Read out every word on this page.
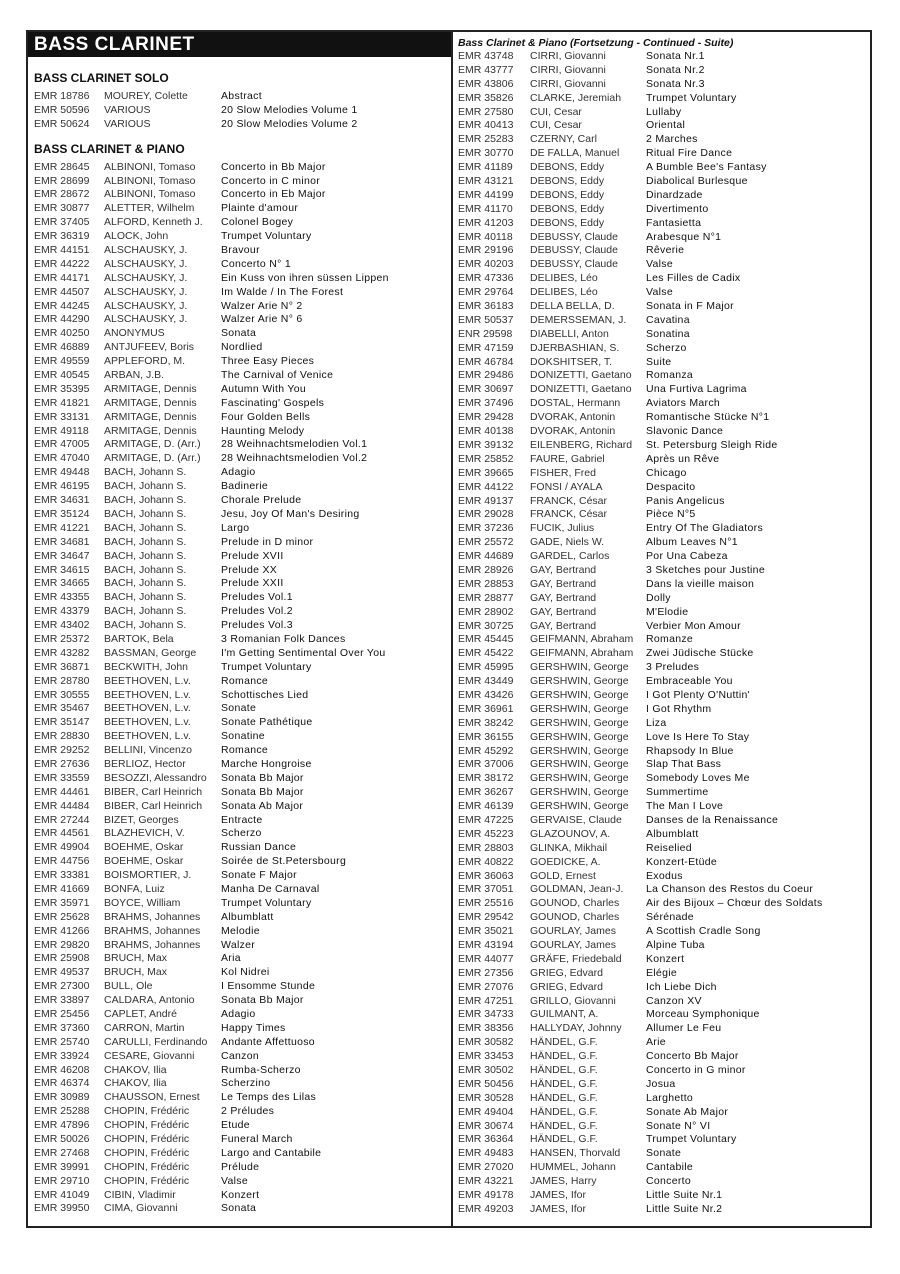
BASS CLARINET
BASS CLARINET SOLO
EMR 18786	MOUREY, Colette	Abstract
EMR 50596	VARIOUS	20 Slow Melodies Volume 1
EMR 50624	VARIOUS	20 Slow Melodies Volume 2
BASS CLARINET & PIANO
EMR 28645	ALBINONI, Tomaso	Concerto in Bb Major
EMR 28699	ALBINONI, Tomaso	Concerto in C minor
EMR 28672	ALBINONI, Tomaso	Concerto in Eb Major
EMR 30877	ALETTER, Wilhelm	Plainte d'amour
EMR 37405	ALFORD, Kenneth J.	Colonel Bogey
EMR 36319	ALOCK, John	Trumpet Voluntary
EMR 44151	ALSCHAUSKY, J.	Bravour
EMR 44222	ALSCHAUSKY, J.	Concerto N° 1
EMR 44171	ALSCHAUSKY, J.	Ein Kuss von ihren süssen Lippen
EMR 44507	ALSCHAUSKY, J.	Im Walde / In The Forest
EMR 44245	ALSCHAUSKY, J.	Walzer Arie N° 2
EMR 44290	ALSCHAUSKY, J.	Walzer Arie N° 6
EMR 40250	ANONYMUS	Sonata
EMR 46889	ANTJUFEEV, Boris	Nordlied
EMR 49559	APPLEFORD, M.	Three Easy Pieces
EMR 40545	ARBAN, J.B.	The Carnival of Venice
EMR 35395	ARMITAGE, Dennis	Autumn With You
EMR 41821	ARMITAGE, Dennis	Fascinating' Gospels
EMR 33131	ARMITAGE, Dennis	Four Golden Bells
EMR 49118	ARMITAGE, Dennis	Haunting Melody
EMR 47005	ARMITAGE, D. (Arr.)	28 Weihnachtsmelodien Vol.1
EMR 47040	ARMITAGE, D. (Arr.)	28 Weihnachtsmelodien Vol.2
EMR 49448	BACH, Johann S.	Adagio
EMR 46195	BACH, Johann S.	Badinerie
EMR 34631	BACH, Johann S.	Chorale Prelude
EMR 35124	BACH, Johann S.	Jesu, Joy Of Man's Desiring
EMR 41221	BACH, Johann S.	Largo
EMR 34681	BACH, Johann S.	Prelude in D minor
EMR 34647	BACH, Johann S.	Prelude XVII
EMR 34615	BACH, Johann S.	Prelude XX
EMR 34665	BACH, Johann S.	Prelude XXII
EMR 43355	BACH, Johann S.	Preludes Vol.1
EMR 43379	BACH, Johann S.	Preludes Vol.2
EMR 43402	BACH, Johann S.	Preludes Vol.3
EMR 25372	BARTOK, Bela	3 Romanian Folk Dances
EMR 43282	BASSMAN, George	I'm Getting Sentimental Over You
EMR 36871	BECKWITH, John	Trumpet Voluntary
EMR 28780	BEETHOVEN, L.v.	Romance
EMR 30555	BEETHOVEN, L.v.	Schottisches Lied
EMR 35467	BEETHOVEN, L.v.	Sonate
EMR 35147	BEETHOVEN, L.v.	Sonate Pathétique
EMR 28830	BEETHOVEN, L.v.	Sonatine
EMR 29252	BELLINI, Vincenzo	Romance
EMR 27636	BERLIOZ, Hector	Marche Hongroise
EMR 33559	BESOZZI, Alessandro	Sonata Bb Major
EMR 44461	BIBER, Carl Heinrich	Sonata Bb Major
EMR 44484	BIBER, Carl Heinrich	Sonata Ab Major
EMR 27244	BIZET, Georges	Entracte
EMR 44561	BLAZHEVICH, V.	Scherzo
EMR 49904	BOEHME, Oskar	Russian Dance
EMR 44756	BOEHME, Oskar	Soirée de St.Petersbourg
EMR 33381	BOISMORTIER, J.	Sonate F Major
EMR 41669	BONFA, Luiz	Manha De Carnaval
EMR 35971	BOYCE, William	Trumpet Voluntary
EMR 25628	BRAHMS, Johannes	Albumblatt
EMR 41266	BRAHMS, Johannes	Melodie
EMR 29820	BRAHMS, Johannes	Walzer
EMR 25908	BRUCH, Max	Aria
EMR 49537	BRUCH, Max	Kol Nidrei
EMR 27300	BULL, Ole	I Ensomme Stunde
EMR 33897	CALDARA, Antonio	Sonata Bb Major
EMR 25456	CAPLET, André	Adagio
EMR 37360	CARRON, Martin	Happy Times
EMR 25740	CARULLI, Ferdinando	Andante Affettuoso
EMR 33924	CESARE, Giovanni	Canzon
EMR 46208	CHAKOV, Ilia	Rumba-Scherzo
EMR 46374	CHAKOV, Ilia	Scherzino
EMR 30989	CHAUSSON, Ernest	Le Temps des Lilas
EMR 25288	CHOPIN, Frédéric	2 Préludes
EMR 47896	CHOPIN, Frédéric	Etude
EMR 50026	CHOPIN, Frédéric	Funeral March
EMR 27468	CHOPIN, Frédéric	Largo and Cantabile
EMR 39991	CHOPIN, Frédéric	Prélude
EMR 29710	CHOPIN, Frédéric	Valse
EMR 41049	CIBIN, Vladimir	Konzert
EMR 39950	CIMA, Giovanni	Sonata
Bass Clarinet & Piano (Fortsetzung - Continued - Suite)
EMR 43748	CIRRI, Giovanni	Sonata Nr.1
EMR 43777	CIRRI, Giovanni	Sonata Nr.2
EMR 43806	CIRRI, Giovanni	Sonata Nr.3
EMR 35826	CLARKE, Jeremiah	Trumpet Voluntary
EMR 27580	CUI, Cesar	Lullaby
EMR 40413	CUI, Cesar	Oriental
EMR 25283	CZERNY, Carl	2 Marches
EMR 30770	DE FALLA, Manuel	Ritual Fire Dance
EMR 41189	DEBONS, Eddy	A Bumble Bee's Fantasy
EMR 43121	DEBONS, Eddy	Diabolical Burlesque
EMR 44199	DEBONS, Eddy	Dinardzade
EMR 41170	DEBONS, Eddy	Divertimento
EMR 41203	DEBONS, Eddy	Fantasietta
EMR 40118	DEBUSSY, Claude	Arabesque N°1
EMR 29196	DEBUSSY, Claude	Rêverie
EMR 40203	DEBUSSY, Claude	Valse
EMR 47336	DELIBES, Léo	Les Filles de Cadix
EMR 29764	DELIBES, Léo	Valse
EMR 36183	DELLA BELLA, D.	Sonata in F Major
EMR 50537	DEMERSSEMAN, J.	Cavatina
ENR 29598	DIABELLI, Anton	Sonatina
EMR 47159	DJERBASHIAN, S.	Scherzo
EMR 46784	DOKSHITSER, T.	Suite
EMR 29486	DONIZETTI, Gaetano	Romanza
EMR 30697	DONIZETTI, Gaetano	Una Furtiva Lagrima
EMR 37496	DOSTAL, Hermann	Aviators March
EMR 29428	DVORAK, Antonin	Romantische Stücke N°1
EMR 40138	DVORAK, Antonin	Slavonic Dance
EMR 39132	EILENBERG, Richard	St. Petersburg Sleigh Ride
EMR 25852	FAURE, Gabriel	Après un Rêve
EMR 39665	FISHER, Fred	Chicago
EMR 44122	FONSI / AYALA	Despacito
EMR 49137	FRANCK, César	Panis Angelicus
EMR 29028	FRANCK, César	Pièce N°5
EMR 37236	FUCIK, Julius	Entry Of The Gladiators
EMR 25572	GADE, Niels W.	Album Leaves N°1
EMR 44689	GARDEL, Carlos	Por Una Cabeza
EMR 28926	GAY, Bertrand	3 Sketches pour Justine
EMR 28853	GAY, Bertrand	Dans la vieille maison
EMR 28877	GAY, Bertrand	Dolly
EMR 28902	GAY, Bertrand	M'Elodie
EMR 30725	GAY, Bertrand	Verbier Mon Amour
EMR 45445	GEIFMANN, Abraham	Romanze
EMR 45422	GEIFMANN, Abraham	Zwei Jüdische Stücke
EMR 45995	GERSHWIN, George	3 Preludes
EMR 43449	GERSHWIN, George	Embraceable You
EMR 43426	GERSHWIN, George	I Got Plenty O'Nuttin'
EMR 36961	GERSHWIN, George	I Got Rhythm
EMR 38242	GERSHWIN, George	Liza
EMR 36155	GERSHWIN, George	Love Is Here To Stay
EMR 45292	GERSHWIN, George	Rhapsody In Blue
EMR 37006	GERSHWIN, George	Slap That Bass
EMR 38172	GERSHWIN, George	Somebody Loves Me
EMR 36267	GERSHWIN, George	Summertime
EMR 46139	GERSHWIN, George	The Man I Love
EMR 47225	GERVAISE, Claude	Danses de la Renaissance
EMR 45223	GLAZOUNOV, A.	Albumblatt
EMR 28803	GLINKA, Mikhail	Reiselied
EMR 40822	GOEDICKE, A.	Konzert-Etüde
EMR 36063	GOLD, Ernest	Exodus
EMR 37051	GOLDMAN, Jean-J.	La Chanson des Restos du Coeur
EMR 25516	GOUNOD, Charles	Air des Bijoux – Chœur des Soldats
EMR 29542	GOUNOD, Charles	Sérénade
EMR 35021	GOURLAY, James	A Scottish Cradle Song
EMR 43194	GOURLAY, James	Alpine Tuba
EMR 44077	GRÄFE, Friedebald	Konzert
EMR 27356	GRIEG, Edvard	Elégie
EMR 27076	GRIEG, Edvard	Ich Liebe Dich
EMR 47251	GRILLO, Giovanni	Canzon XV
EMR 34733	GUILMANT, A.	Morceau Symphonique
EMR 38356	HALLYDAY, Johnny	Allumer Le Feu
EMR 30582	HÄNDEL, G.F.	Arie
EMR 33453	HÄNDEL, G.F.	Concerto Bb Major
EMR 30502	HÄNDEL, G.F.	Concerto in G minor
EMR 50456	HÄNDEL, G.F.	Josua
EMR 30528	HÄNDEL, G.F.	Larghetto
EMR 49404	HÄNDEL, G.F.	Sonate Ab Major
EMR 30674	HÄNDEL, G.F.	Sonate N° VI
EMR 36364	HÄNDEL, G.F.	Trumpet Voluntary
EMR 49483	HANSEN, Thorvald	Sonate
EMR 27020	HUMMEL, Johann	Cantabile
EMR 43221	JAMES, Harry	Concerto
EMR 49178	JAMES, Ifor	Little Suite Nr.1
EMR 49203	JAMES, Ifor	Little Suite Nr.2
